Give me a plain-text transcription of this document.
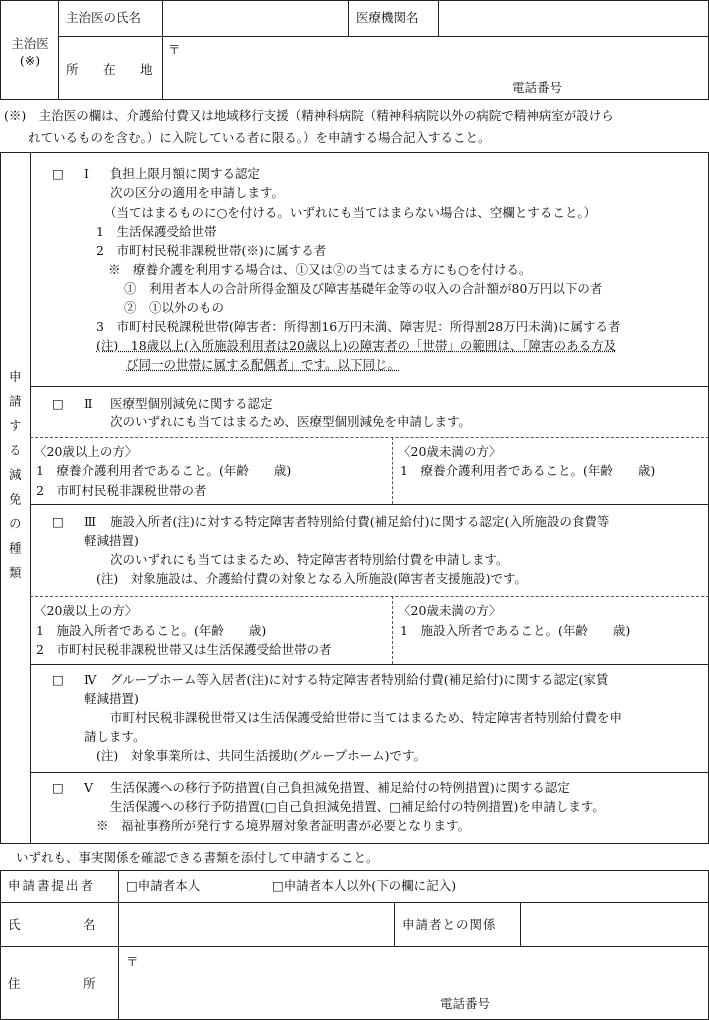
主治医
(※)
主治医の氏名	医療機関名
所　在　地
〒
電話番号
(※)　主治医の欄は、介護給付費又は地域移行支援（精神科病院（精神科病院以外の病院で精神病室が設けら
れているものを含む。）に入院している者に限る。）を申請する場合記入すること。
申請する減免の種類
□ Ⅰ 負担上限月額に関する認定
次の区分の適用を申請します。
（当てはまるものに○を付ける。いずれにも当てはまらない場合は、空欄とすること。）
1　生活保護受給世帯
2　市町村民税非課税世帯(※)に属する者
※　療養介護を利用する場合は、①又は②の当てはまる方にも○を付ける。
①　利用者本人の合計所得金額及び障害基礎年金等の収入の合計額が80万円以下の者
②　①以外のもの
3　市町村民税課税世帯(障害者：所得割16万円未満、障害児：所得割28万円未満)に属する者
(注)　18歳以上(入所施設利用者は20歳以上)の障害者の「世帯」の範囲は、「障害のある方及
び同一の世帯に属する配偶者」です。以下同じ。
□ Ⅱ 医療型個別減免に関する認定
次のいずれにも当てはまるため、医療型個別減免を申請します。
〈20歳以上の方〉
1　療養介護利用者であること。(年齢　　歳)
2　市町村民税非課税世帯の者
〈20歳未満の方〉
1　療養介護利用者であること。(年齢　　歳)
□ Ⅲ 施設入所者(注)に対する特定障害者特別給付費(補足給付)に関する認定(入所施設の食費等
軽減措置)
次のいずれにも当てはまるため、特定障害者特別給付費を申請します。
(注)　対象施設は、介護給付費の対象となる入所施設(障害者支援施設)です。
〈20歳以上の方〉
1　施設入所者であること。(年齢　　歳)
2　市町村民税非課税世帯又は生活保護受給世帯の者
〈20歳未満の方〉
1　施設入所者であること。(年齢　　歳)
□ Ⅳ グループホーム等入居者(注)に対する特定障害者特別給付費(補足給付)に関する認定(家賃
軽減措置)
市町村民税非課税世帯又は生活保護受給世帯に当てはまるため、特定障害者特別給付費を申
請します。
(注)　対象事業所は、共同生活援助(グループホーム)です。
□ Ⅴ 生活保護への移行予防措置(自己負担減免措置、補足給付の特例措置)に関する認定
生活保護への移行予防措置(□自己負担減免措置、□補足給付の特例措置)を申請します。
※　福祉事務所が発行する境界層対象者証明書が必要となります。
いずれも、事実関係を確認できる書類を添付して申請すること。
申請書提出者 □申請者本人	□申請者本人以外(下の欄に記入)
氏　　　　　名	申請者との関係
住　　　　　所
〒
電話番号
